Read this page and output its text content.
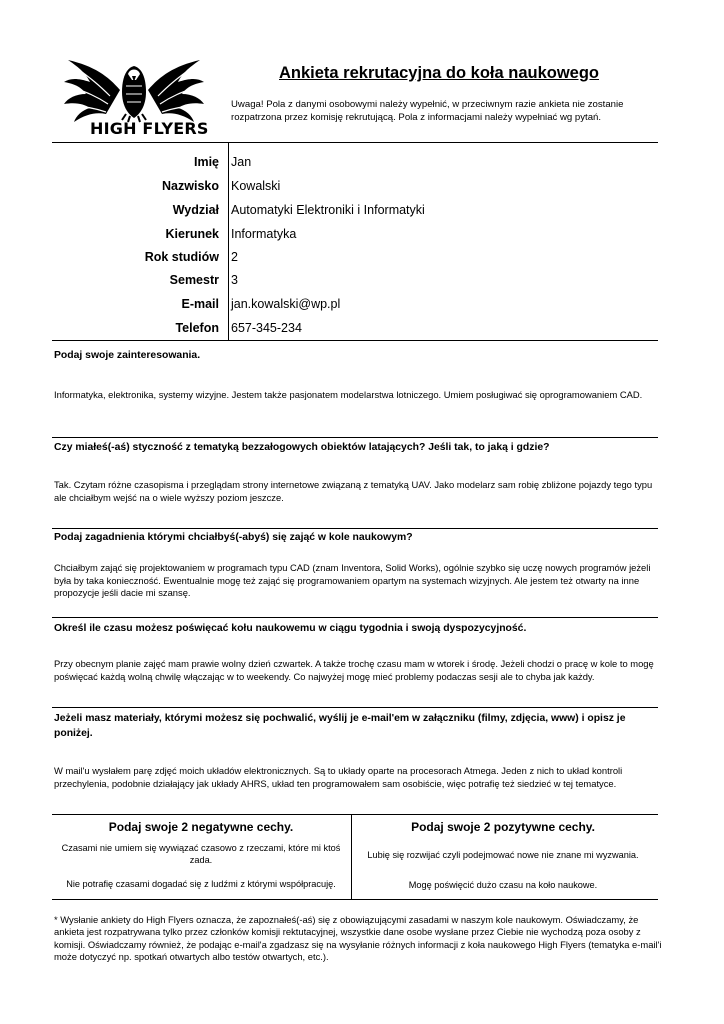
HIGH FLYERS
Ankieta rekrutacyjna do koła naukowego
Uwaga! Pola z danymi osobowymi należy wypełnić, w przeciwnym razie ankieta nie zostanie rozpatrzona przez komisję rekrutującą. Pola z informacjami należy wypełniać wg pytań.
Imię Jan
Nazwisko Kowalski
Wydział Automatyki Elektroniki i Informatyki
Kierunek Informatyka
Rok studiów 2
Semestr 3
E-mail jan.kowalski@wp.pl
Telefon 657-345-234
Podaj swoje zainteresowania.
Informatyka, elektronika, systemy wizyjne. Jestem także pasjonatem modelarstwa lotniczego. Umiem posługiwać się oprogramowaniem CAD.
Czy miałeś(-aś) styczność z tematyką bezzałogowych obiektów latających? Jeśli tak, to jaką i gdzie?
Tak. Czytam różne czasopisma i przeglądam strony internetowe związaną z tematyką UAV. Jako modelarz sam robię zbliżone pojazdy tego typu ale chciałbym wejść na o wiele wyższy poziom jeszcze.
Podaj zagadnienia którymi chciałbyś(-abyś) się zająć w kole naukowym?
Chciałbym zająć się projektowaniem w programach typu CAD (znam Inventora, Solid Works), ogólnie szybko się uczę nowych programów jeżeli była by taka konieczność. Ewentualnie mogę też zająć się programowaniem opartym na systemach wizyjnych. Ale jestem też otwarty na inne propozycje jeśli dacie mi szansę.
Określ ile czasu możesz poświęcać kołu naukowemu w ciągu tygodnia i swoją dyspozycyjność.
Przy obecnym planie zajęć mam prawie wolny dzień czwartek. A także trochę czasu mam w wtorek i środę. Jeżeli chodzi o pracę w kole to mogę poświęcać każdą wolną chwilę włączając w to weekendy. Co najwyżej mogę mieć problemy podaczas sesji ale to chyba jak każdy.
Jeżeli masz materiały, którymi możesz się pochwalić, wyślij je e-mail'em w załączniku (filmy, zdjęcia, www) i opisz je poniżej.
W mail'u wysłałem parę zdjęć moich układów elektronicznych. Są to układy oparte na procesorach Atmega. Jeden z nich to układ kontroli przechylenia, podobnie działający jak układy AHRS, układ ten programowałem sam osobiście, więc potrafię też siedzieć w tej tematyce.
Podaj swoje 2 negatywne cechy.
Czasami nie umiem się wywiązać czasowo z rzeczami, które mi ktoś zada.
Nie potrafię czasami dogadać się z ludźmi z którymi współpracuję.
Podaj swoje 2 pozytywne cechy.
Lubię się rozwijać czyli podejmować nowe nie znane mi wyzwania.
Mogę poświęcić dużo czasu na koło naukowe.
* Wysłanie ankiety do High Flyers oznacza, że zapoznałeś(-aś) się z obowiązującymi zasadami w naszym kole naukowym. Oświadczamy, że ankieta jest rozpatrywana tylko przez członków komisji rektutacyjnej, wszystkie dane osobe wysłane przez Ciebie nie wychodzą poza osoby z komisji. Oświadczamy również, że podając e-mail'a zgadzasz się na wysyłanie różnych informacji z koła naukowego High Flyers (tematyka e-mail'i może dotyczyć np. spotkań otwartych albo testów otwartych, etc.).
